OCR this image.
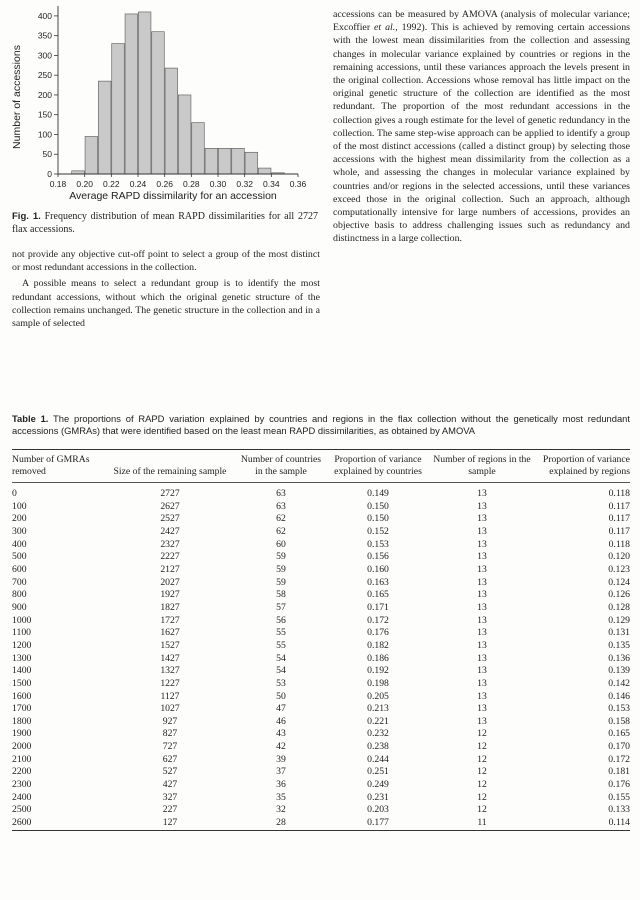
0
50
100
150
200
250
300
350
400
0.18 0.20 0.22 0.24 0.26 0.28 0.30 0.32 0.34 0.36
Number of accessions
Average RAPD dissimilarity for an accession
Fig. 1. Frequency distribution of mean RAPD dissimilarities for all 2727 flax accessions.

not provide any objective cut-off point to select a group of the most distinct or most redundant accessions in the collection.

A possible means to select a redundant group is to identify the most redundant accessions, without which the original genetic structure of the collection remains unchanged. The genetic structure in the collection and in a sample of selected

accessions can be measured by AMOVA (analysis of molecular variance; Excoffier et al., 1992). This is achieved by removing certain accessions with the lowest mean dissimilarities from the collection and assessing changes in molecular variance explained by countries or regions in the remaining accessions, until these variances approach the levels present in the original collection. Accessions whose removal has little impact on the original genetic structure of the collection are identified as the most redundant. The proportion of the most redundant accessions in the collection gives a rough estimate for the level of genetic redundancy in the collection. The same step-wise approach can be applied to identify a group of the most distinct accessions (called a distinct group) by selecting those accessions with the highest mean dissimilarity from the collection as a whole, and assessing the changes in molecular variance explained by countries and/or regions in the selected accessions, until these variances exceed those in the original collection. Such an approach, although computationally intensive for large numbers of accessions, provides an objective basis to address challenging issues such as redundancy and distinctness in a large collection.

Table 1. The proportions of RAPD variation explained by countries and regions in the flax collection without the genetically most redundant accessions (GMRAs) that were identified based on the least mean RAPD dissimilarities, as obtained by AMOVA
Number of GMRAs removed	Size of the remaining sample	Number of countries in the sample	Proportion of variance explained by countries	Number of regions in the sample	Proportion of variance explained by regions
0	2727	63	0.149	13	0.118
100	2627	63	0.150	13	0.117
200	2527	62	0.150	13	0.117
300	2427	62	0.152	13	0.117
400	2327	60	0.153	13	0.118
500	2227	59	0.156	13	0.120
600	2127	59	0.160	13	0.123
700	2027	59	0.163	13	0.124
800	1927	58	0.165	13	0.126
900	1827	57	0.171	13	0.128
1000	1727	56	0.172	13	0.129
1100	1627	55	0.176	13	0.131
1200	1527	55	0.182	13	0.135
1300	1427	54	0.186	13	0.136
1400	1327	54	0.192	13	0.139
1500	1227	53	0.198	13	0.142
1600	1127	50	0.205	13	0.146
1700	1027	47	0.213	13	0.153
1800	927	46	0.221	13	0.158
1900	827	43	0.232	12	0.165
2000	727	42	0.238	12	0.170
2100	627	39	0.244	12	0.172
2200	527	37	0.251	12	0.181
2300	427	36	0.249	12	0.176
2400	327	35	0.231	12	0.155
2500	227	32	0.203	12	0.133
2600	127	28	0.177	11	0.114
